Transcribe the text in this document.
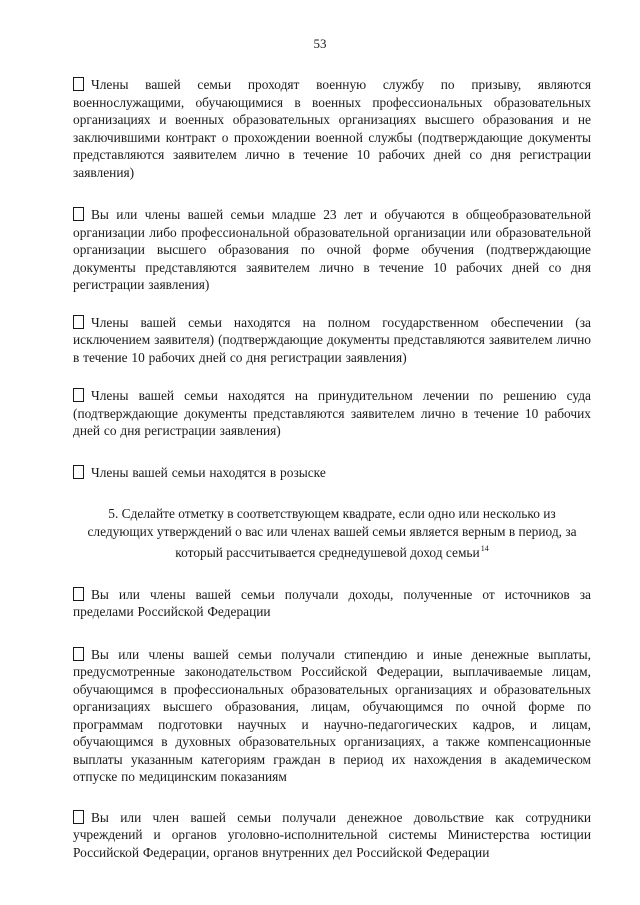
53

Члены вашей семьи проходят военную службу по призыву, являются военнослужащими, обучающимися в военных профессиональных образовательных организациях и военных образовательных организациях высшего образования и не заключившими контракт о прохождении военной службы (подтверждающие документы представляются заявителем лично в течение 10 рабочих дней со дня регистрации заявления)

Вы или члены вашей семьи младше 23 лет и обучаются в общеобразовательной организации либо профессиональной образовательной организации или образовательной организации высшего образования по очной форме обучения (подтверждающие документы представляются заявителем лично в течение 10 рабочих дней со дня регистрации заявления)

Члены вашей семьи находятся на полном государственном обеспечении (за исключением заявителя) (подтверждающие документы представляются заявителем лично в течение 10 рабочих дней со дня регистрации заявления)

Члены вашей семьи находятся на принудительном лечении по решению суда (подтверждающие документы представляются заявителем лично в течение 10 рабочих дней со дня регистрации заявления)

Члены вашей семьи находятся в розыске

5. Сделайте отметку в соответствующем квадрате, если одно или несколько из следующих утверждений о вас или членах вашей семьи является верным в период, за который рассчитывается среднедушевой доход семьи$^{14}$

Вы или члены вашей семьи получали доходы, полученные от источников за пределами Российской Федерации

Вы или члены вашей семьи получали стипендию и иные денежные выплаты, предусмотренные законодательством Российской Федерации, выплачиваемые лицам, обучающимся в профессиональных образовательных организациях и образовательных организациях высшего образования, лицам, обучающимся по очной форме по программам подготовки научных и научно-педагогических кадров, и лицам, обучающимся в духовных образовательных организациях, а также компенсационные выплаты указанным категориям граждан в период их нахождения в академическом отпуске по медицинским показаниям

Вы или член вашей семьи получали денежное довольствие как сотрудники учреждений и органов уголовно-исполнительной системы Министерства юстиции Российской Федерации, органов внутренних дел Российской Федерации
